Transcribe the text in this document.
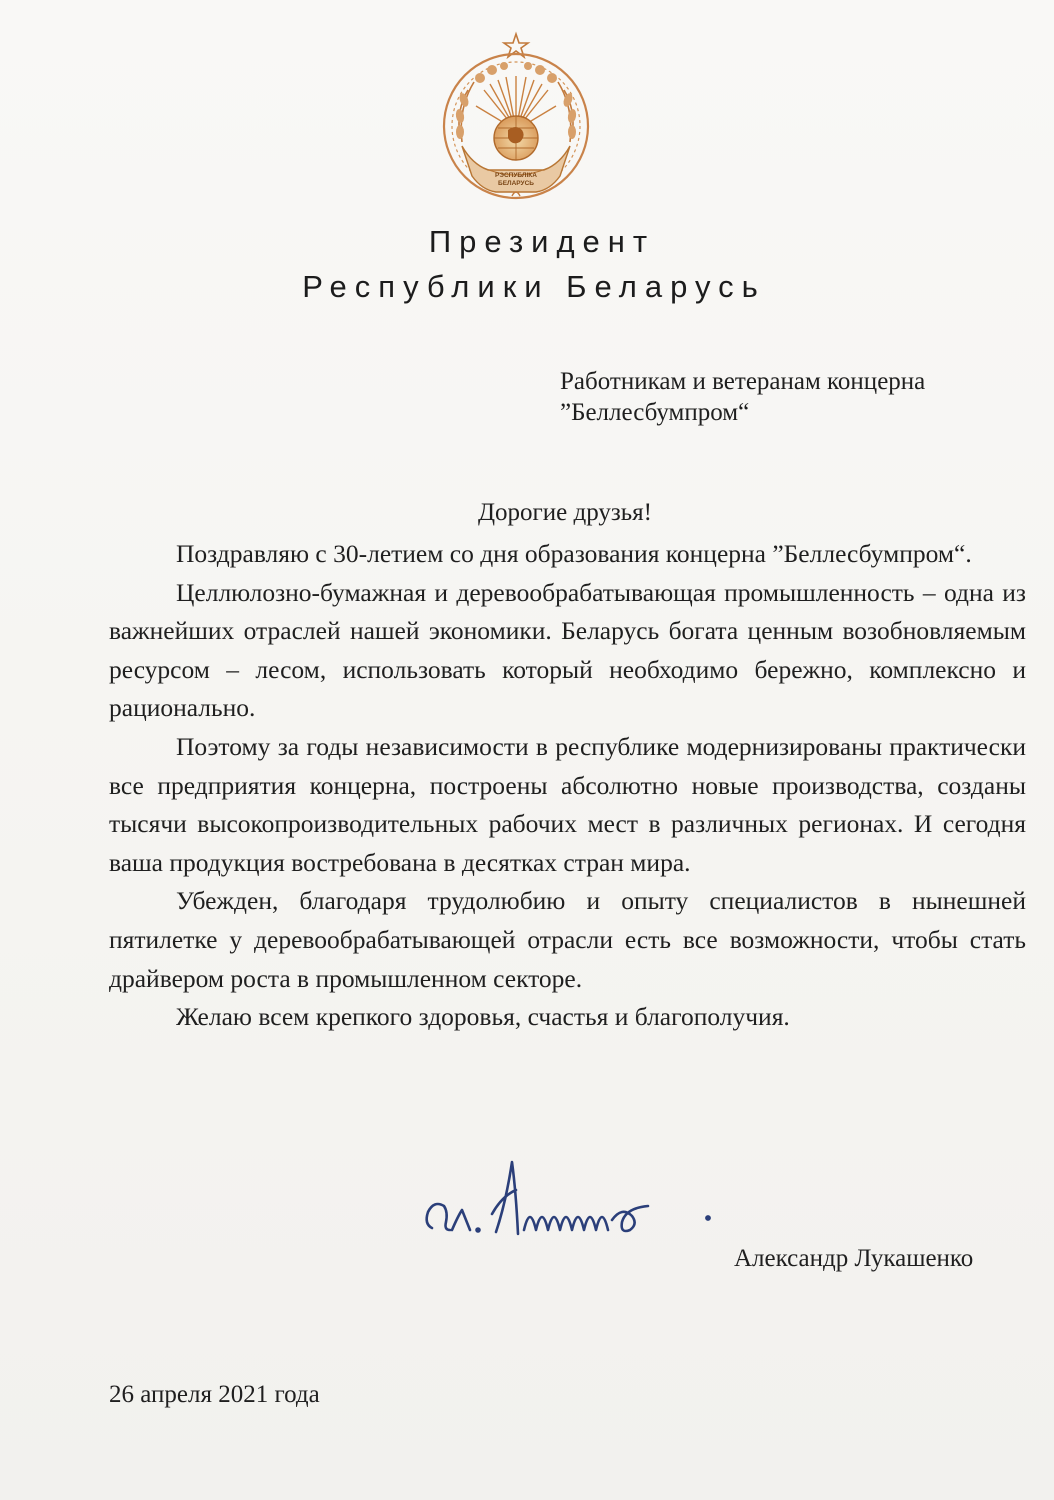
РЭСПУБЛІКА
БЕЛАРУСЬ
Президент
Республики Беларусь
Работникам и ветеранам концерна
”Беллесбумпром“
Дорогие друзья!

Поздравляю с 30-летием со дня образования концерна ”Беллесбумпром“.

Целлюлозно-бумажная и деревообрабатывающая промышленность – одна из важнейших отраслей нашей экономики. Беларусь богата ценным возобновляемым ресурсом – лесом, использовать который необходимо бережно, комплексно и рационально.

Поэтому за годы независимости в республике модернизированы практически все предприятия концерна, построены абсолютно новые производства, созданы тысячи высокопроизводительных рабочих мест в различных регионах. И сегодня ваша продукция востребована в десятках стран мира.

Убежден, благодаря трудолюбию и опыту специалистов в нынешней пятилетке у деревообрабатывающей отрасли есть все возможности, чтобы стать драйвером роста в промышленном секторе.

Желаю всем крепкого здоровья, счастья и благополучия.

Александр Лукашенко
26 апреля 2021 года
